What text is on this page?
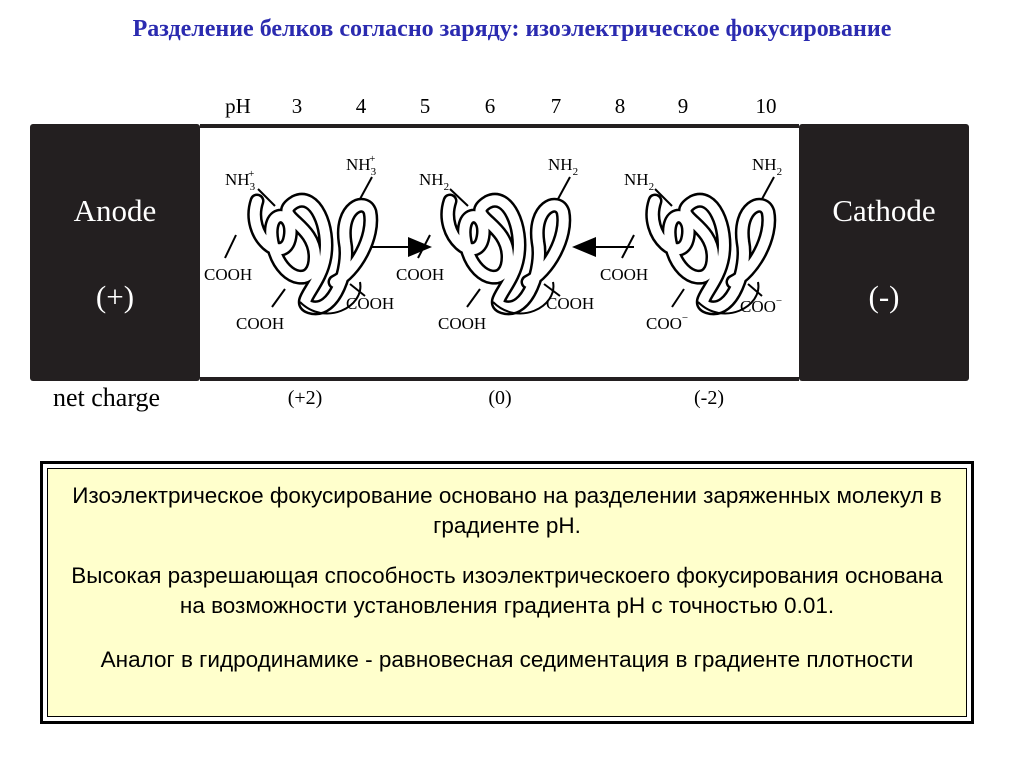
Разделение белков согласно заряду: изоэлектрическое фокусирование
pH 3	4	5	6	7	8	9	10
Anode
(+)
$NH_3+$	$NH_3+$
COOH
COOH
COOH
$NH_2$
$NH_2$
COOH
COOH
COOH
$NH_2$
$NH_2$
COOH
COO−
COO−
Cathode
(-)
net charge	(+2)	(0)	(-2)
Изоэлектрическое фокусирование основано на разделении заряженных молекул в градиенте pH.
Высокая разрешающая способность изоэлектрическоего фокусирования основана на возможности установления градиента pH с точностью 0.01.
Аналог в гидродинамике - равновесная седиментация в градиенте плотности
